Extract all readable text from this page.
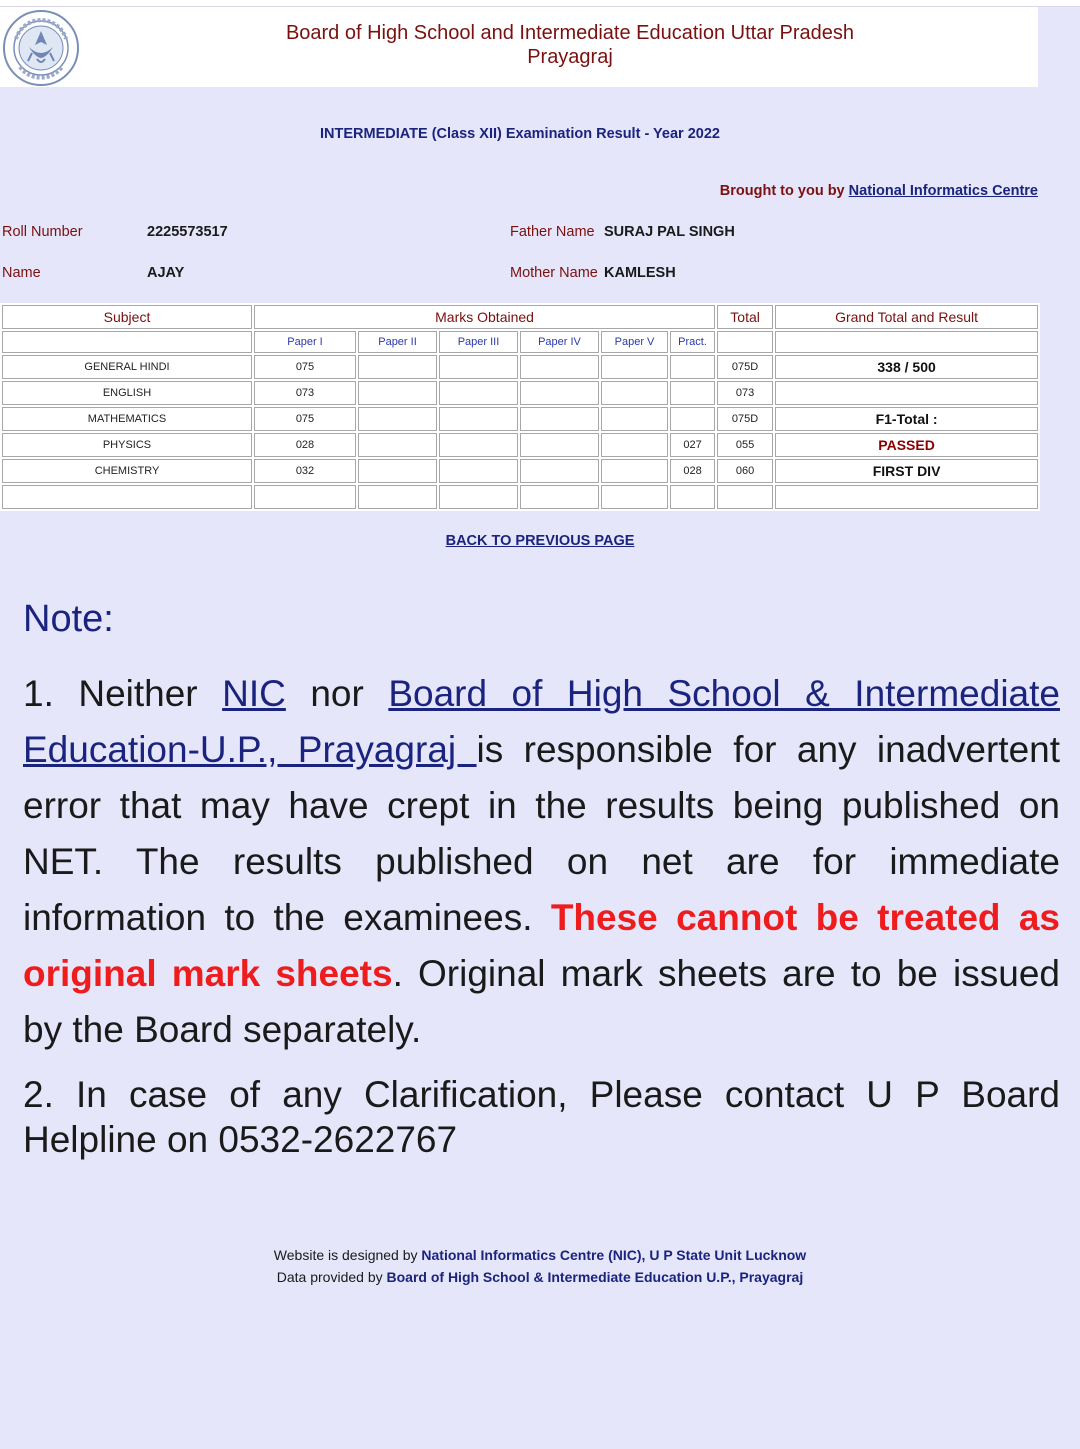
Board of High School and Intermediate Education Uttar Pradesh
Prayagraj
INTERMEDIATE (Class XII) Examination Result - Year 2022
Brought to you by National Informatics Centre
Roll Number	2225573517	Father Name SURAJ PAL SINGH
Name	AJAY	Mother Name KAMLESH
Subject	Marks Obtained						Total	Grand Total and Result
	Paper I	Paper II	Paper III	Paper IV	Paper V	Pract.		
GENERAL HINDI	075						075D	338 / 500
ENGLISH	073						073	
MATHEMATICS	075						075D	F1-Total :
PHYSICS	028					027	055	PASSED
CHEMISTRY	032					028	060	FIRST DIV

BACK TO PREVIOUS PAGE
Note:
1. Neither NIC nor Board of High School & Intermediate Education-U.P., Prayagraj is responsible for any inadvertent error that may have crept in the results being published on NET. The results published on net are for immediate information to the examinees. These cannot be treated as original mark sheets. Original mark sheets are to be issued by the Board separately.
2. In case of any Clarification, Please contact U P Board Helpline on 0532-2622767
Website is designed by National Informatics Centre (NIC), U P State Unit Lucknow
Data provided by Board of High School & Intermediate Education U.P., Prayagraj
